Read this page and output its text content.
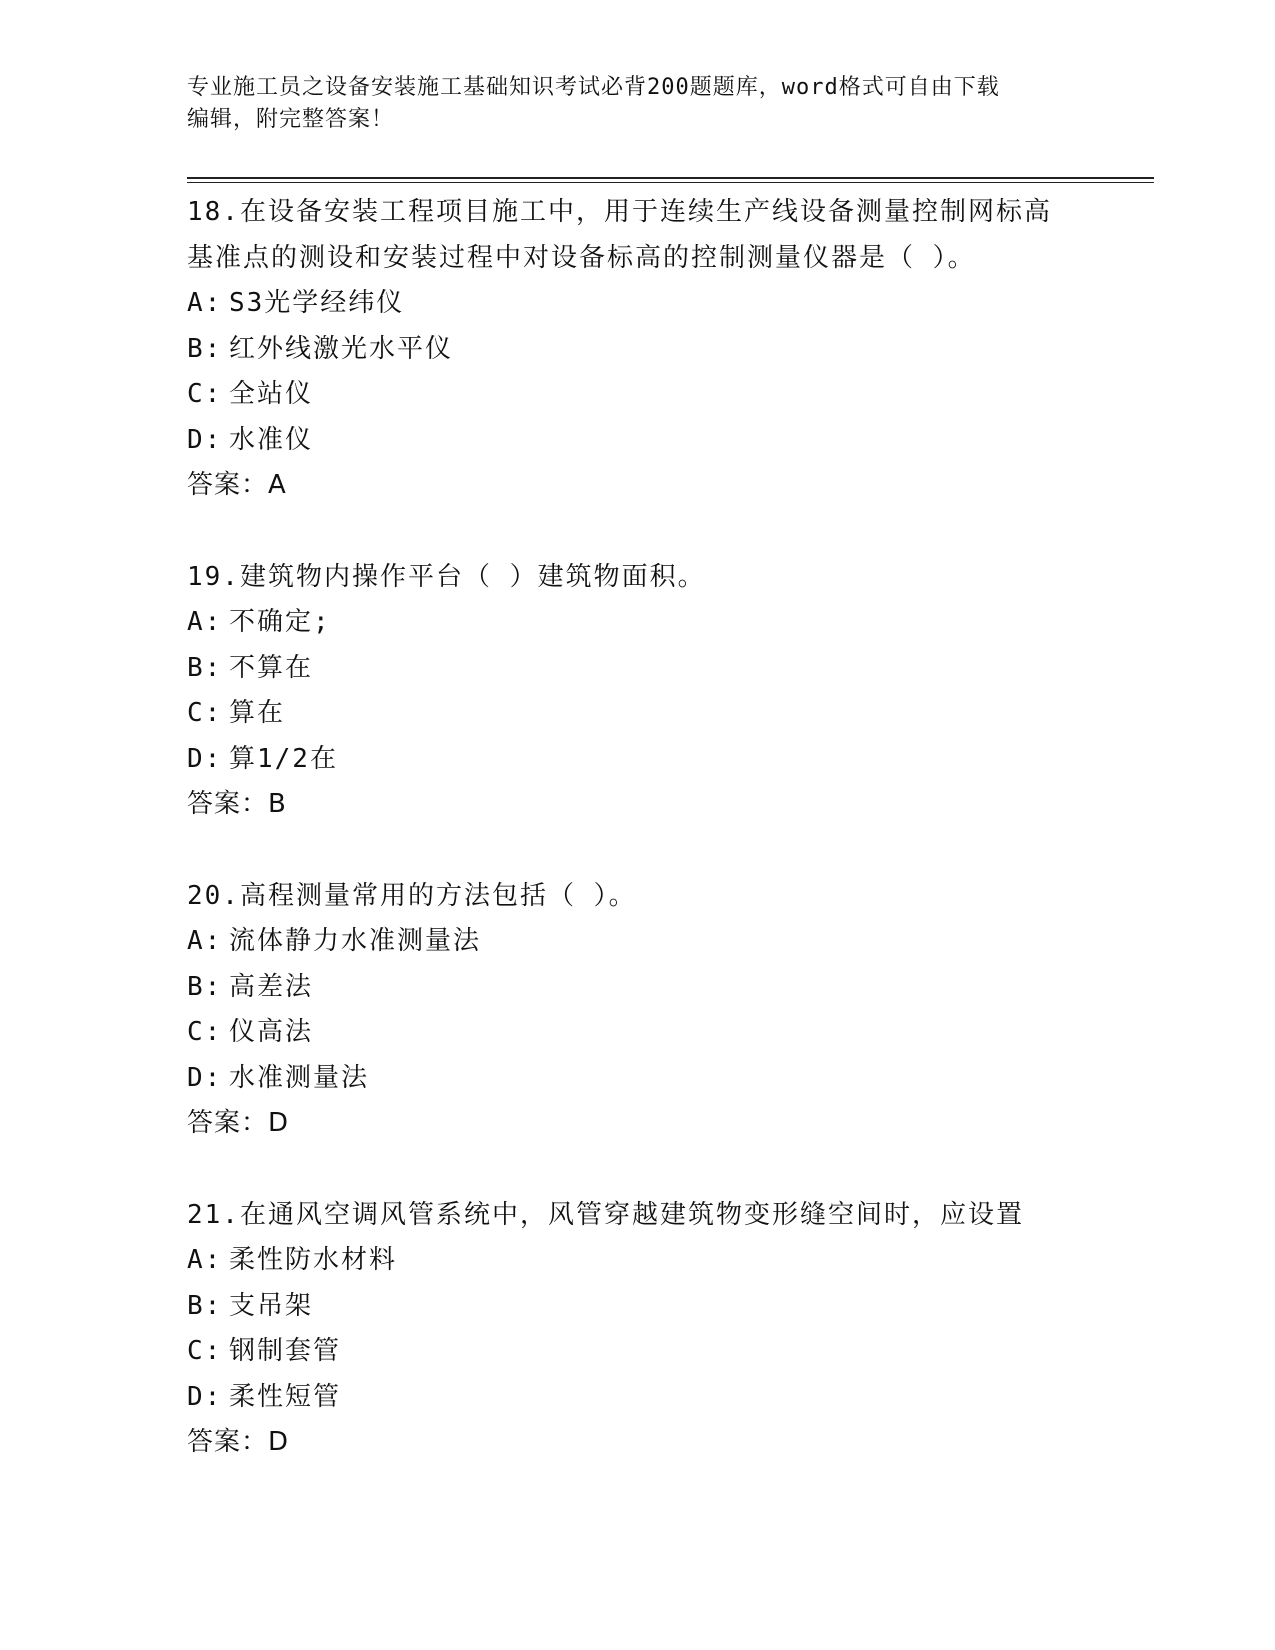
专业施工员之设备安装施工基础知识考试必背200题题库，word格式可自由下载
编辑，附完整答案！
18.在设备安装工程项目施工中，用于连续生产线设备测量控制网标高基准点的测设和安装过程中对设备标高的控制测量仪器是（ ）。
A: S3光学经纬仪
B: 红外线激光水平仪
C: 全站仪
D: 水准仪
答案：A
19.建筑物内操作平台（ ）建筑物面积。
A: 不确定;
B: 不算在
C: 算在
D: 算1/2在
答案：B
20.高程测量常用的方法包括（ ）。
A: 流体静力水准测量法
B: 高差法
C: 仪高法
D: 水准测量法
答案：D
21.在通风空调风管系统中，风管穿越建筑物变形缝空间时，应设置
A: 柔性防水材料
B: 支吊架
C: 钢制套管
D: 柔性短管
答案：D
